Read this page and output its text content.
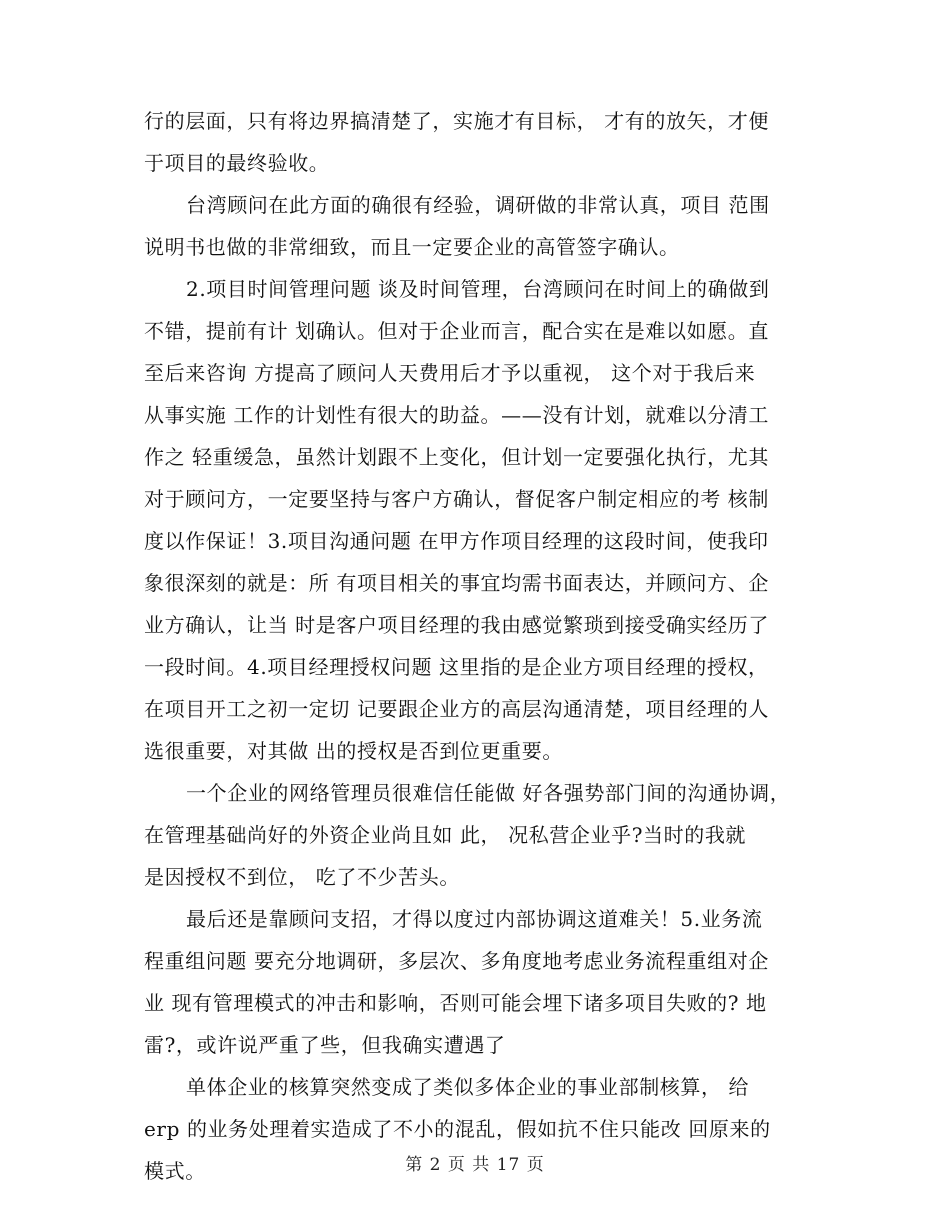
行的层面，只有将边界搞清楚了，实施才有目标， 才有的放矢，才便
于项目的最终验收。
台湾顾问在此方面的确很有经验，调研做的非常认真，项目 范围
说明书也做的非常细致，而且一定要企业的高管签字确认。
2.项目时间管理问题 谈及时间管理，台湾顾问在时间上的确做到
不错，提前有计 划确认。但对于企业而言，配合实在是难以如愿。直
至后来咨询 方提高了顾问人天费用后才予以重视， 这个对于我后来
从事实施 工作的计划性有很大的助益。——没有计划，就难以分清工
作之 轻重缓急，虽然计划跟不上变化，但计划一定要强化执行，尤其
对于顾问方，一定要坚持与客户方确认，督促客户制定相应的考 核制
度以作保证！3.项目沟通问题 在甲方作项目经理的这段时间，使我印
象很深刻的就是：所 有项目相关的事宜均需书面表达，并顾问方、企
业方确认，让当 时是客户项目经理的我由感觉繁琐到接受确实经历了
一段时间。4.项目经理授权问题 这里指的是企业方项目经理的授权，
在项目开工之初一定切 记要跟企业方的高层沟通清楚，项目经理的人
选很重要，对其做 出的授权是否到位更重要。
一个企业的网络管理员很难信任能做 好各强势部门间的沟通协调，
在管理基础尚好的外资企业尚且如 此， 况私营企业乎?当时的我就
是因授权不到位， 吃了不少苦头。
最后还是靠顾问支招，才得以度过内部协调这道难关！5.业务流
程重组问题 要充分地调研，多层次、多角度地考虑业务流程重组对企
业 现有管理模式的冲击和影响，否则可能会埋下诸多项目失败的? 地
雷?，或许说严重了些，但我确实遭遇了
单体企业的核算突然变成了类似多体企业的事业部制核算， 给
erp 的业务处理着实造成了不小的混乱，假如抗不住只能改 回原来的
模式。	第 2 页 共 17 页
